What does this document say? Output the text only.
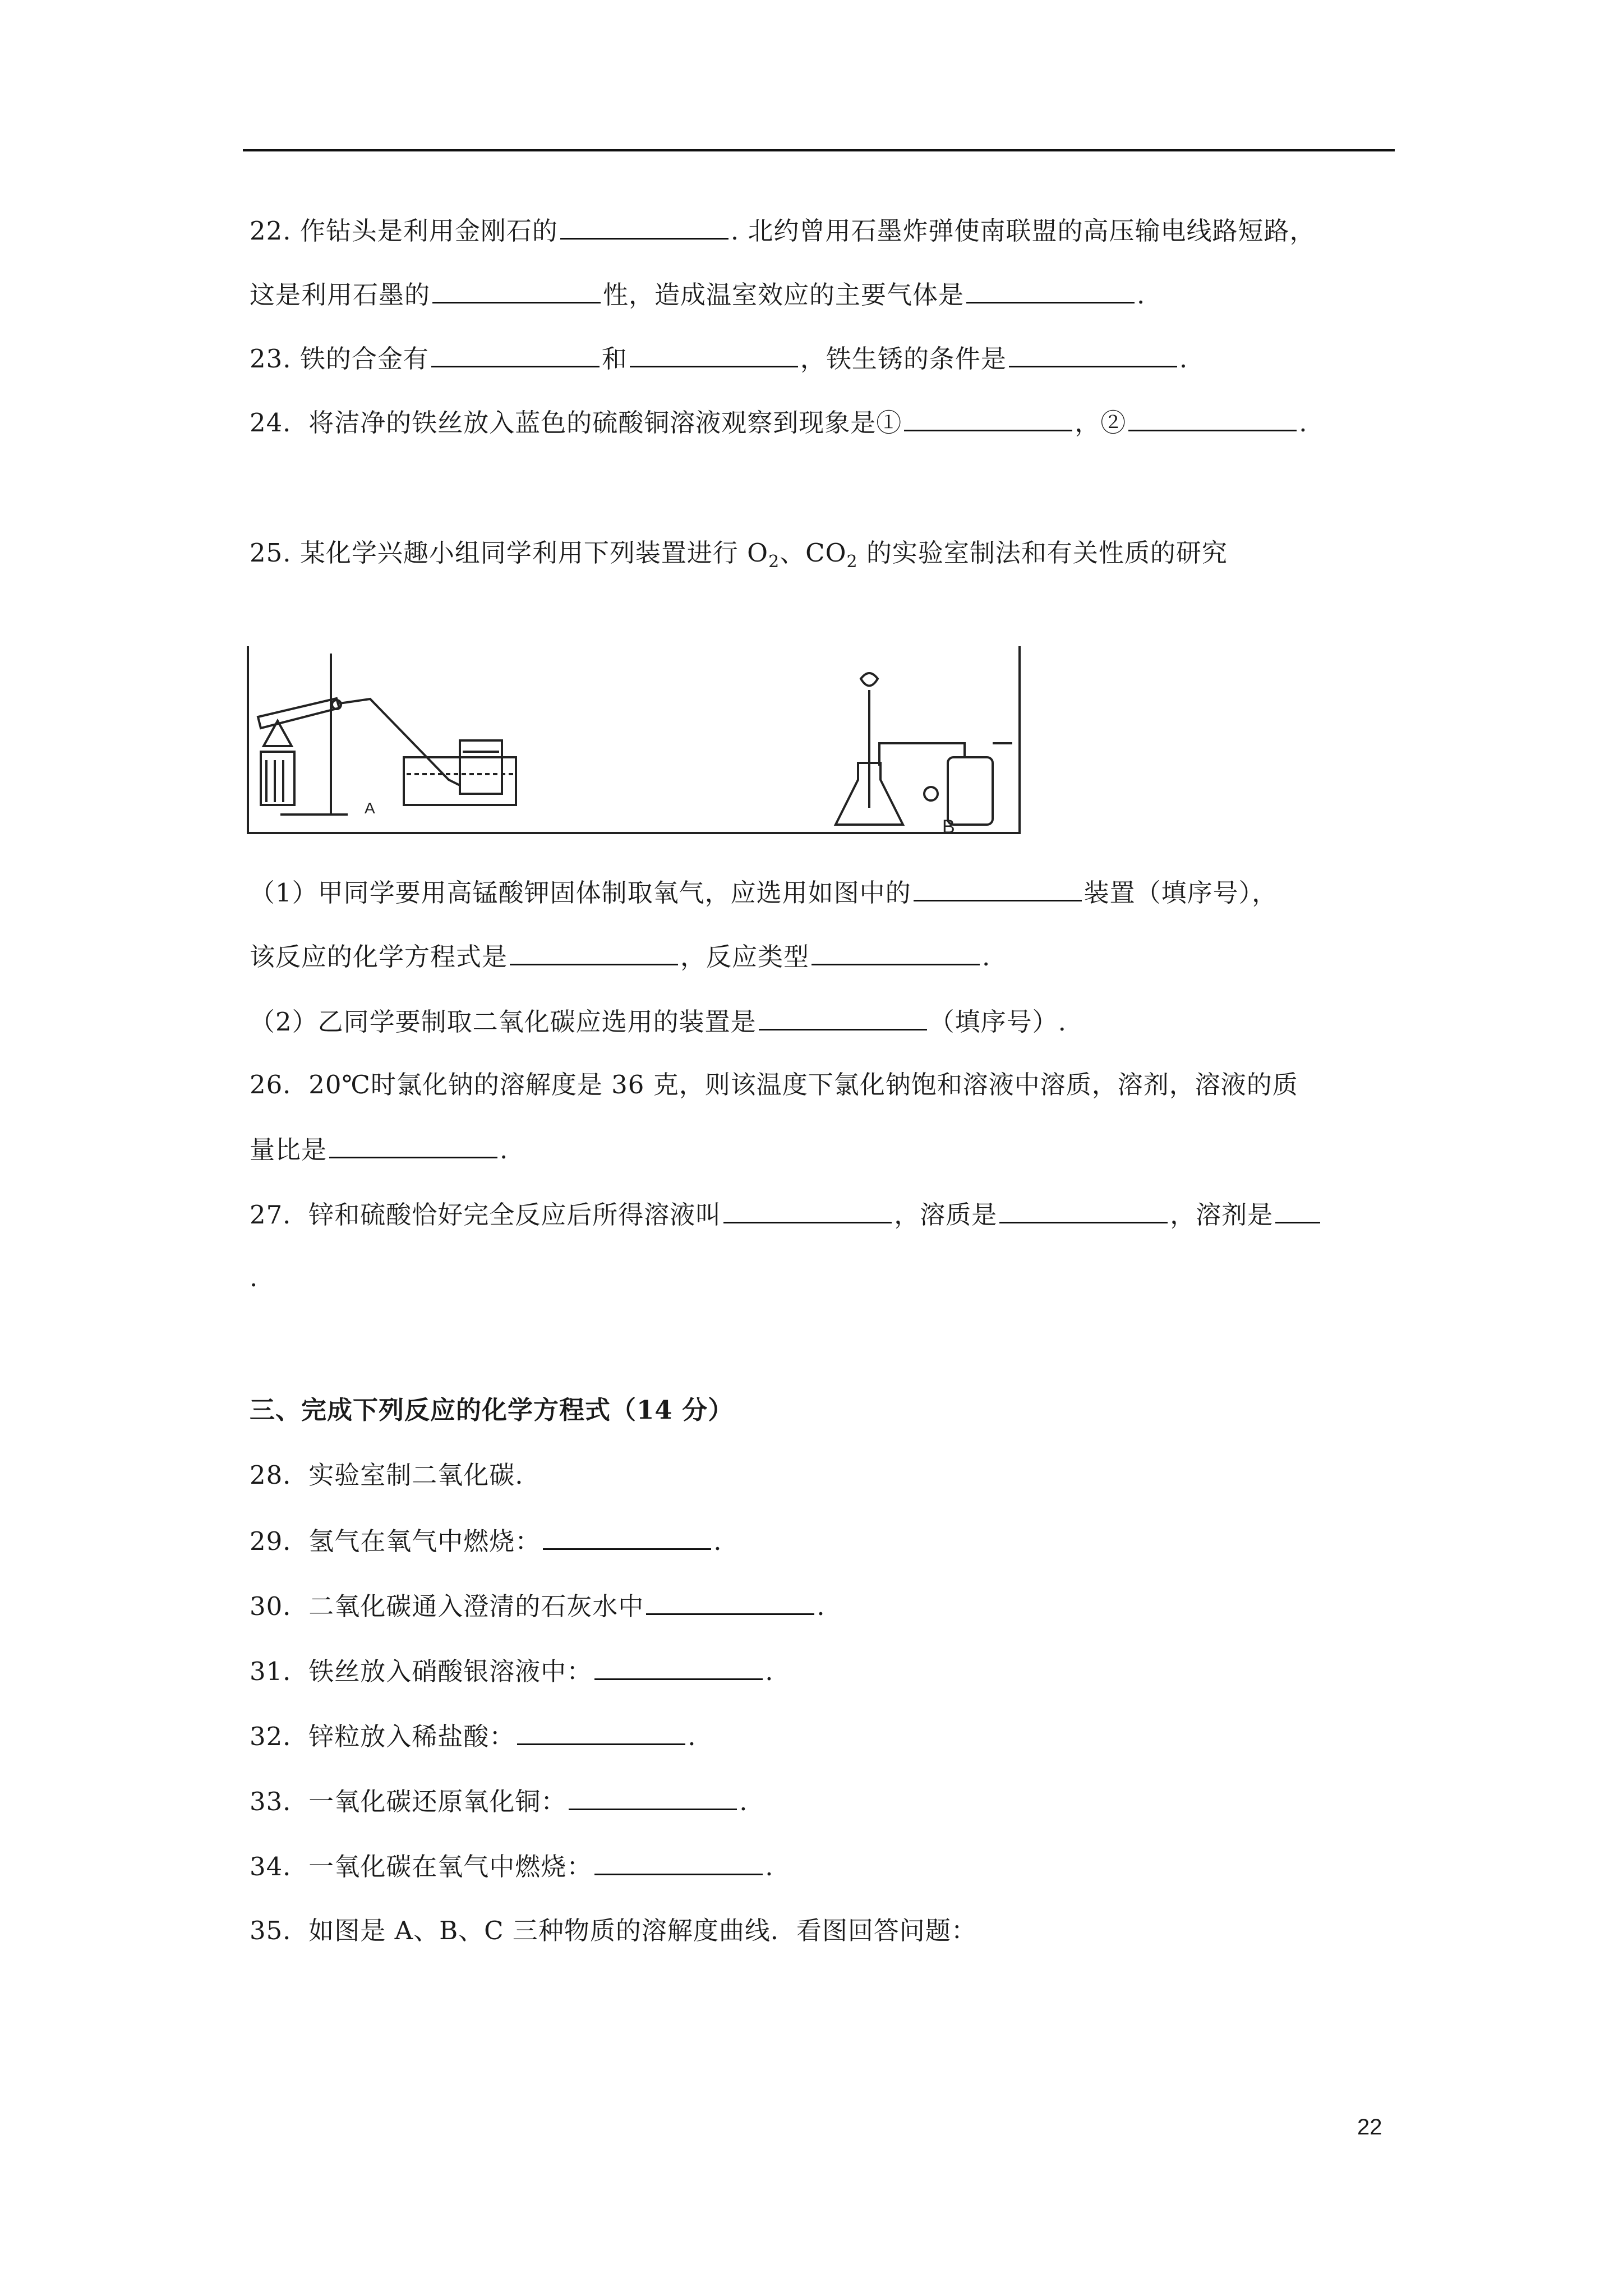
22. 作钻头是利用金刚石的	. 北约曾用石墨炸弹使南联盟的高压输电线路短路，
这是利用石墨的	性，造成温室效应的主要气体是	.
23. 铁的合金有	和	，铁生锈的条件是	.
24．将洁净的铁丝放入蓝色的硫酸铜溶液观察到现象是①	，②	.
25. 某化学兴趣小组同学利用下列装置进行 $O_2$、$CO_2$ 的实验室制法和有关性质的研究
A
B
（1）甲同学要用高锰酸钾固体制取氧气，应选用如图中的	装置（填序号），
该反应的化学方程式是	，反应类型	.
（2）乙同学要制取二氧化碳应选用的装置是	（填序号）.
26．20℃时氯化钠的溶解度是 36 克，则该温度下氯化钠饱和溶液中溶质，溶剂，溶液的质
量比是	.
27．锌和硫酸恰好完全反应后所得溶液叫	，溶质是	，溶剂是
.
三、完成下列反应的化学方程式（14 分）
28．实验室制二氧化碳.
29．氢气在氧气中燃烧：	.
30．二氧化碳通入澄清的石灰水中	.
31．铁丝放入硝酸银溶液中：	.
32．锌粒放入稀盐酸：	.
33．一氧化碳还原氧化铜：	.
34．一氧化碳在氧气中燃烧：	.
35．如图是 A、B、C 三种物质的溶解度曲线．看图回答问题：
22
